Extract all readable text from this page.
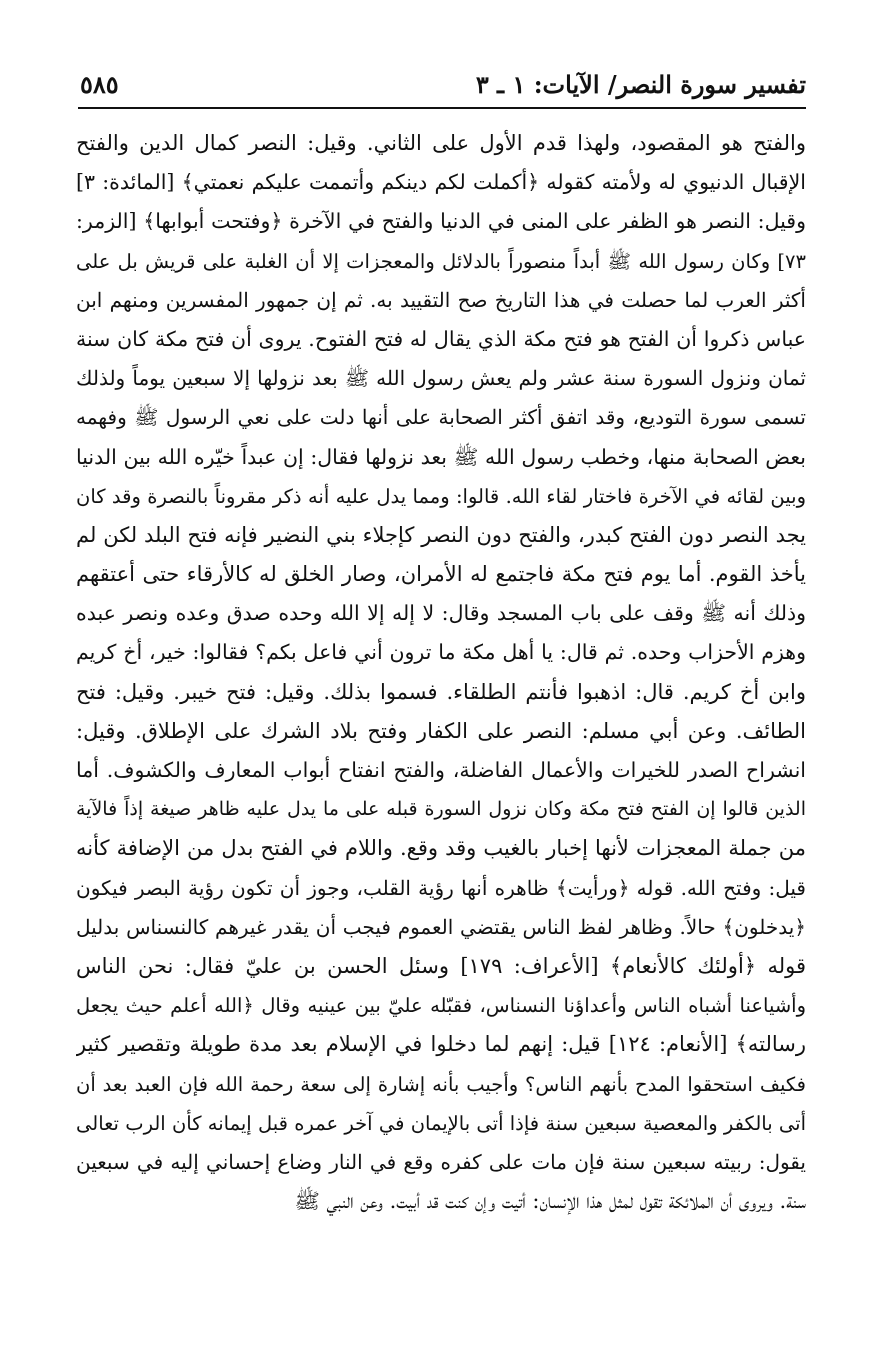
تفسير سورة النصر/ الآيات: ١ ـ ٣
٥٨٥
والفتح هو المقصود، ولهذا قدم الأول على الثاني. وقيل: النصر كمال الدين والفتح
الإقبال الدنيوي له ولأمته كقوله ﴿أكملت لكم دينكم وأتممت عليكم نعمتي﴾ [المائدة: ٣]
وقيل: النصر هو الظفر على المنى في الدنيا والفتح في الآخرة ﴿وفتحت أبوابها﴾ [الزمر:
٧٣] وكان رسول الله ﷺ أبداً منصوراً بالدلائل والمعجزات إلا أن الغلبة على قريش بل على
أكثر العرب لما حصلت في هذا التاريخ صح التقييد به. ثم إن جمهور المفسرين ومنهم ابن
عباس ذكروا أن الفتح هو فتح مكة الذي يقال له فتح الفتوح. يروى أن فتح مكة كان سنة
ثمان ونزول السورة سنة عشر ولم يعش رسول الله ﷺ بعد نزولها إلا سبعين يوماً ولذلك
تسمى سورة التوديع، وقد اتفق أكثر الصحابة على أنها دلت على نعي الرسول ﷺ وفهمه
بعض الصحابة منها، وخطب رسول الله ﷺ بعد نزولها فقال: إن عبداً خيّره الله بين الدنيا
وبين لقائه في الآخرة فاختار لقاء الله. قالوا: ومما يدل عليه أنه ذكر مقروناً بالنصرة وقد كان
يجد النصر دون الفتح كبدر، والفتح دون النصر كإجلاء بني النضير فإنه فتح البلد لكن لم
يأخذ القوم. أما يوم فتح مكة فاجتمع له الأمران، وصار الخلق له كالأرقاء حتى أعتقهم
وذلك أنه ﷺ وقف على باب المسجد وقال: لا إله إلا الله وحده صدق وعده ونصر عبده
وهزم الأحزاب وحده. ثم قال: يا أهل مكة ما ترون أني فاعل بكم؟ فقالوا: خير، أخ كريم
وابن أخ كريم. قال: اذهبوا فأنتم الطلقاء. فسموا بذلك. وقيل: فتح خيبر. وقيل: فتح
الطائف. وعن أبي مسلم: النصر على الكفار وفتح بلاد الشرك على الإطلاق. وقيل:
انشراح الصدر للخيرات والأعمال الفاضلة، والفتح انفتاح أبواب المعارف والكشوف. أما
الذين قالوا إن الفتح فتح مكة وكان نزول السورة قبله على ما يدل عليه ظاهر صيغة إذاً فالآية
من جملة المعجزات لأنها إخبار بالغيب وقد وقع. واللام في الفتح بدل من الإضافة كأنه
قيل: وفتح الله. قوله ﴿ورأيت﴾ ظاهره أنها رؤية القلب، وجوز أن تكون رؤية البصر فيكون
﴿يدخلون﴾ حالاً. وظاهر لفظ الناس يقتضي العموم فيجب أن يقدر غيرهم كالنسناس بدليل
قوله ﴿أولئك كالأنعام﴾ [الأعراف: ١٧٩] وسئل الحسن بن عليّ فقال: نحن الناس
وأشياعنا أشباه الناس وأعداؤنا النسناس، فقبّله عليّ بين عينيه وقال ﴿الله أعلم حيث يجعل
رسالته﴾ [الأنعام: ١٢٤] قيل: إنهم لما دخلوا في الإسلام بعد مدة طويلة وتقصير كثير
فكيف استحقوا المدح بأنهم الناس؟ وأجيب بأنه إشارة إلى سعة رحمة الله فإن العبد بعد أن
أتى بالكفر والمعصية سبعين سنة فإذا أتى بالإيمان في آخر عمره قبل إيمانه كأن الرب تعالى
يقول: ربيته سبعين سنة فإن مات على كفره وقع في النار وضاع إحساني إليه في سبعين
سنة. ويروى أن الملائكة تقول لمثل هذا الإنسان: أتيت وإن كنت قد أبيت. وعن النبي ﷺ
